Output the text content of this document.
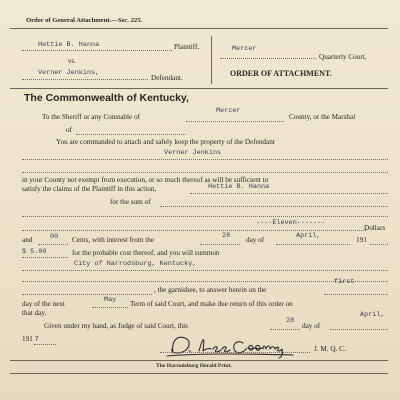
Order of General Attachment.—Sec. 225.
Hettie B. Hanna	Plaintiff,
vs.
Verner Jenkins,
Defendant.
Mercer
Quarterly Court,
ORDER OF ATTACHMENT.
The Commonwealth of Kentucky,
To the Sheriff or any Constable of
Mercer
County, or the Marshal
of
You are commanded to attach and safely keep the property of the Defendant
Verner Jenkins
in your County not exempt from execution, or so much thereof as will be sufficient to
satisfy the claims of the Plaintiff in this action,	Hettie B. Hanna
for the sum of
----Eleven-------
Dollars
and	00 Cents, with interest from the	28 day of	April,	191
$ 5.00	for the probable cost thereof, and you will summon
City of Harrodsburg, Kentucky,
first
, the garnishee, to answer herein on the
day of the next	May Term of said Court, and make due return of this order on
that day.	April,
Given under my hand, as Judge of said Court, this
28
day of
191 7
J. M. Q. C.
The Harrodsburg Herald Print.
